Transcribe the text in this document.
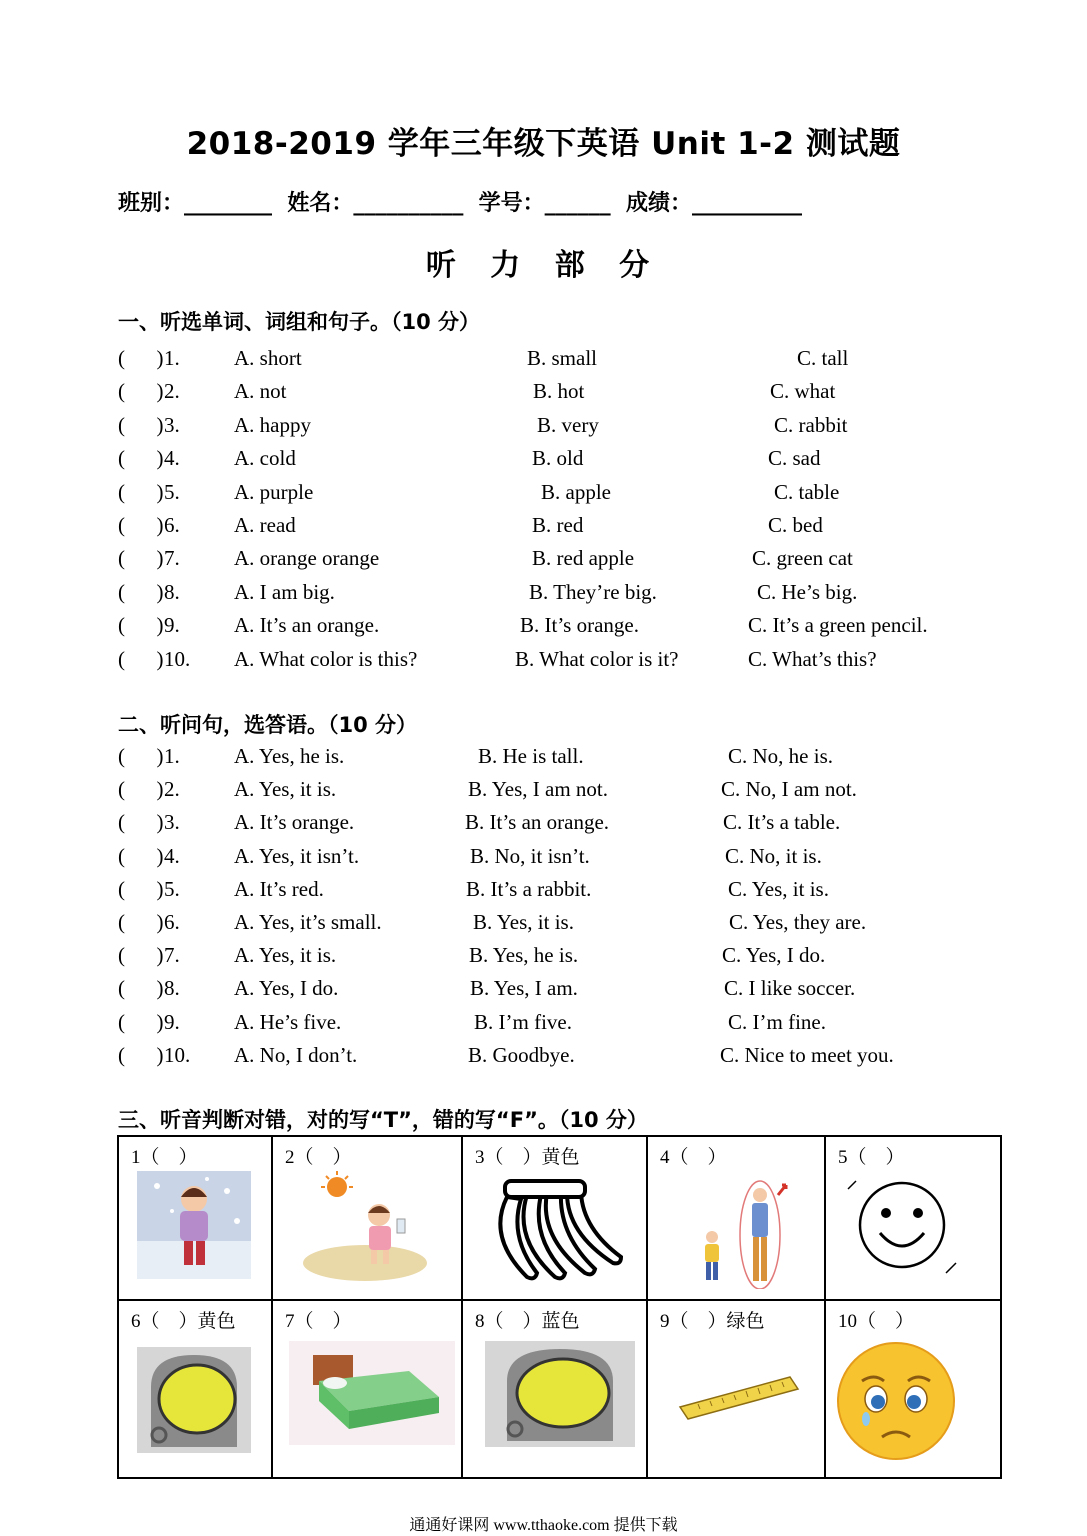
2018-2019 学年三年级下英语 Unit 1-2 测试题
班别：________  姓名：__________  学号：______  成绩：__________
听 力 部 分
一、听选单词、词组和句子。（10 分）
(      ) 1.	A. short	B. small	C. tall
(      ) 2.	A. not	B. hot	C. what
(      ) 3.	A. happy	B. very	C. rabbit
(      ) 4.	A. cold	B. old	C. sad
(      ) 5.	A. purple	B. apple	C. table
(      ) 6.	A. read	B. red	C. bed
(      ) 7.	A. orange orange	B. red apple	C. green cat
(      ) 8.	A. I am big.	B. They’re big.	C. He’s big.
(      ) 9.	A. It’s an orange.	B. It’s orange.	C. It’s a green pencil.
(      ) 10. A. What color is this?	B. What color is it?	C. What’s this?
二、听问句，选答语。（10 分）
(      ) 1.	A. Yes, he is.	B. He is tall.	C. No, he is.
(      ) 2.	A. Yes, it is.	B. Yes, I am not.	C. No, I am not.
(      ) 3.	A. It’s orange.	B. It’s an orange.	C. It’s a table.
(      ) 4.	A. Yes, it isn’t.	B. No, it isn’t.	C. No, it is.
(      ) 5.	A. It’s red.	B. It’s a rabbit.	C. Yes, it is.
(      ) 6.	A. Yes, it’s small.	B. Yes, it is.	C. Yes, they are.
(      ) 7.	A. Yes, it is.	B. Yes, he is.	C. Yes, I do.
(      ) 8.	A. Yes, I do.	B. Yes, I am.	C. I like soccer.
(      ) 9.	A. He’s five.	B. I’m five.	C. I’m fine.
(      ) 10. A. No, I don’t.	B. Goodbye.	C. Nice to meet you.
三、听音判断对错，对的写“T”，错的写“F”。（10 分）
1（    ）	2（    ）	3（    ）黄色	4（    ）	5（    ）

6（    ）黄色	7（    ）	8（    ）蓝色	9（    ）绿色	10（    ）
通通好课网 www.tthaoke.com 提供下载
